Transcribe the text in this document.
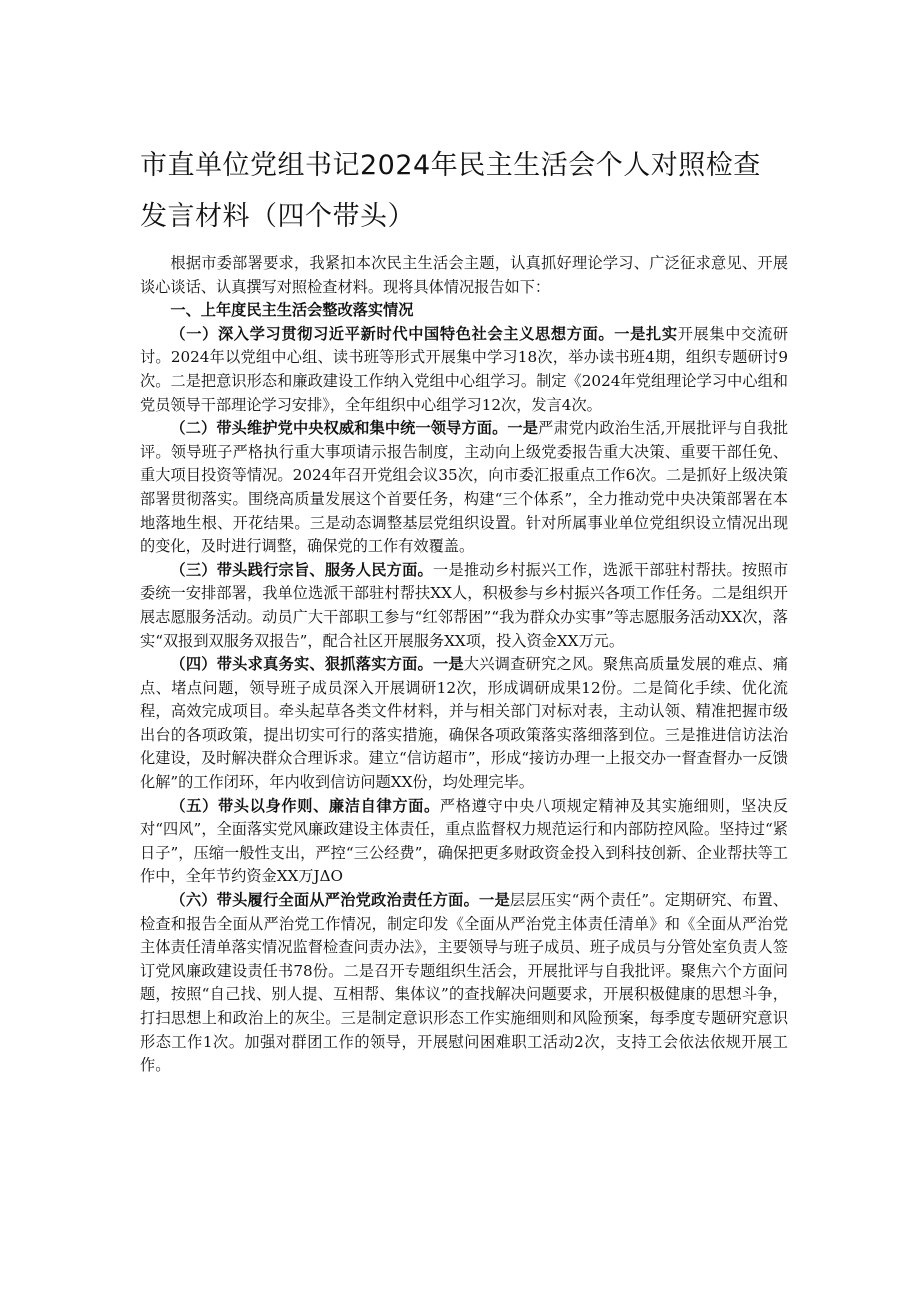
市直单位党组书记2024年民主生活会个人对照检查
发言材料（四个带头）

根据市委部署要求，我紧扣本次民主生活会主题，认真抓好理论学习、广泛征求意见、开展谈心谈话、认真撰写对照检查材料。现将具体情况报告如下：

一、上年度民主生活会整改落实情况

（一）深入学习贯彻习近平新时代中国特色社会主义思想方面。一是扎实开展集中交流研讨。2024年以党组中心组、读书班等形式开展集中学习18次，举办读书班4期，组织专题研讨9次。二是把意识形态和廉政建设工作纳入党组中心组学习。制定《2024年党组理论学习中心组和党员领导干部理论学习安排》，全年组织中心组学习12次，发言4次。

（二）带头维护党中央权威和集中统一领导方面。一是严肃党内政治生活,开展批评与自我批评。领导班子严格执行重大事项请示报告制度，主动向上级党委报告重大决策、重要干部任免、重大项目投资等情况。2024年召开党组会议35次，向市委汇报重点工作6次。二是抓好上级决策部署贯彻落实。围绕高质量发展这个首要任务，构建“三个体系”，全力推动党中央决策部署在本地落地生根、开花结果。三是动态调整基层党组织设置。针对所属事业单位党组织设立情况出现的变化，及时进行调整，确保党的工作有效覆盖。

（三）带头践行宗旨、服务人民方面。一是推动乡村振兴工作，选派干部驻村帮扶。按照市委统一安排部署，我单位选派干部驻村帮扶XX人，积极参与乡村振兴各项工作任务。二是组织开展志愿服务活动。动员广大干部职工参与“红邻帮困”“我为群众办实事”等志愿服务活动XX次，落实“双报到双服务双报告”，配合社区开展服务XX项，投入资金XX万元。

（四）带头求真务实、狠抓落实方面。一是大兴调查研究之风。聚焦高质量发展的难点、痛点、堵点问题，领导班子成员深入开展调研12次，形成调研成果12份。二是简化手续、优化流程，高效完成项目。牵头起草各类文件材料，并与相关部门对标对表，主动认领、精准把握市级出台的各项政策，提出切实可行的落实措施，确保各项政策落实落细落到位。三是推进信访法治化建设，及时解决群众合理诉求。建立“信访超市”，形成“接访办理一上报交办一督查督办一反馈化解”的工作闭环，年内收到信访问题XX份，均处理完毕。

（五）带头以身作则、廉洁自律方面。严格遵守中央八项规定精神及其实施细则，坚决反对“四风”，全面落实党风廉政建设主体责任，重点监督权力规范运行和内部防控风险。坚持过“紧日子”，压缩一般性支出，严控“三公经费”，确保把更多财政资金投入到科技创新、企业帮扶等工作中，全年节约资金XX万JΔO

（六）带头履行全面从严治党政治责任方面。一是层层压实“两个责任”。定期研究、布置、检查和报告全面从严治党工作情况，制定印发《全面从严治党主体责任清单》和《全面从严治党主体责任清单落实情况监督检查问责办法》，主要领导与班子成员、班子成员与分管处室负责人签订党风廉政建设责任书78份。二是召开专题组织生活会，开展批评与自我批评。聚焦六个方面问题，按照“自己找、别人提、互相帮、集体议”的查找解决问题要求，开展积极健康的思想斗争，打扫思想上和政治上的灰尘。三是制定意识形态工作实施细则和风险预案，每季度专题研究意识形态工作1次。加强对群团工作的领导，开展慰问困难职工活动2次，支持工会依法依规开展工作。
